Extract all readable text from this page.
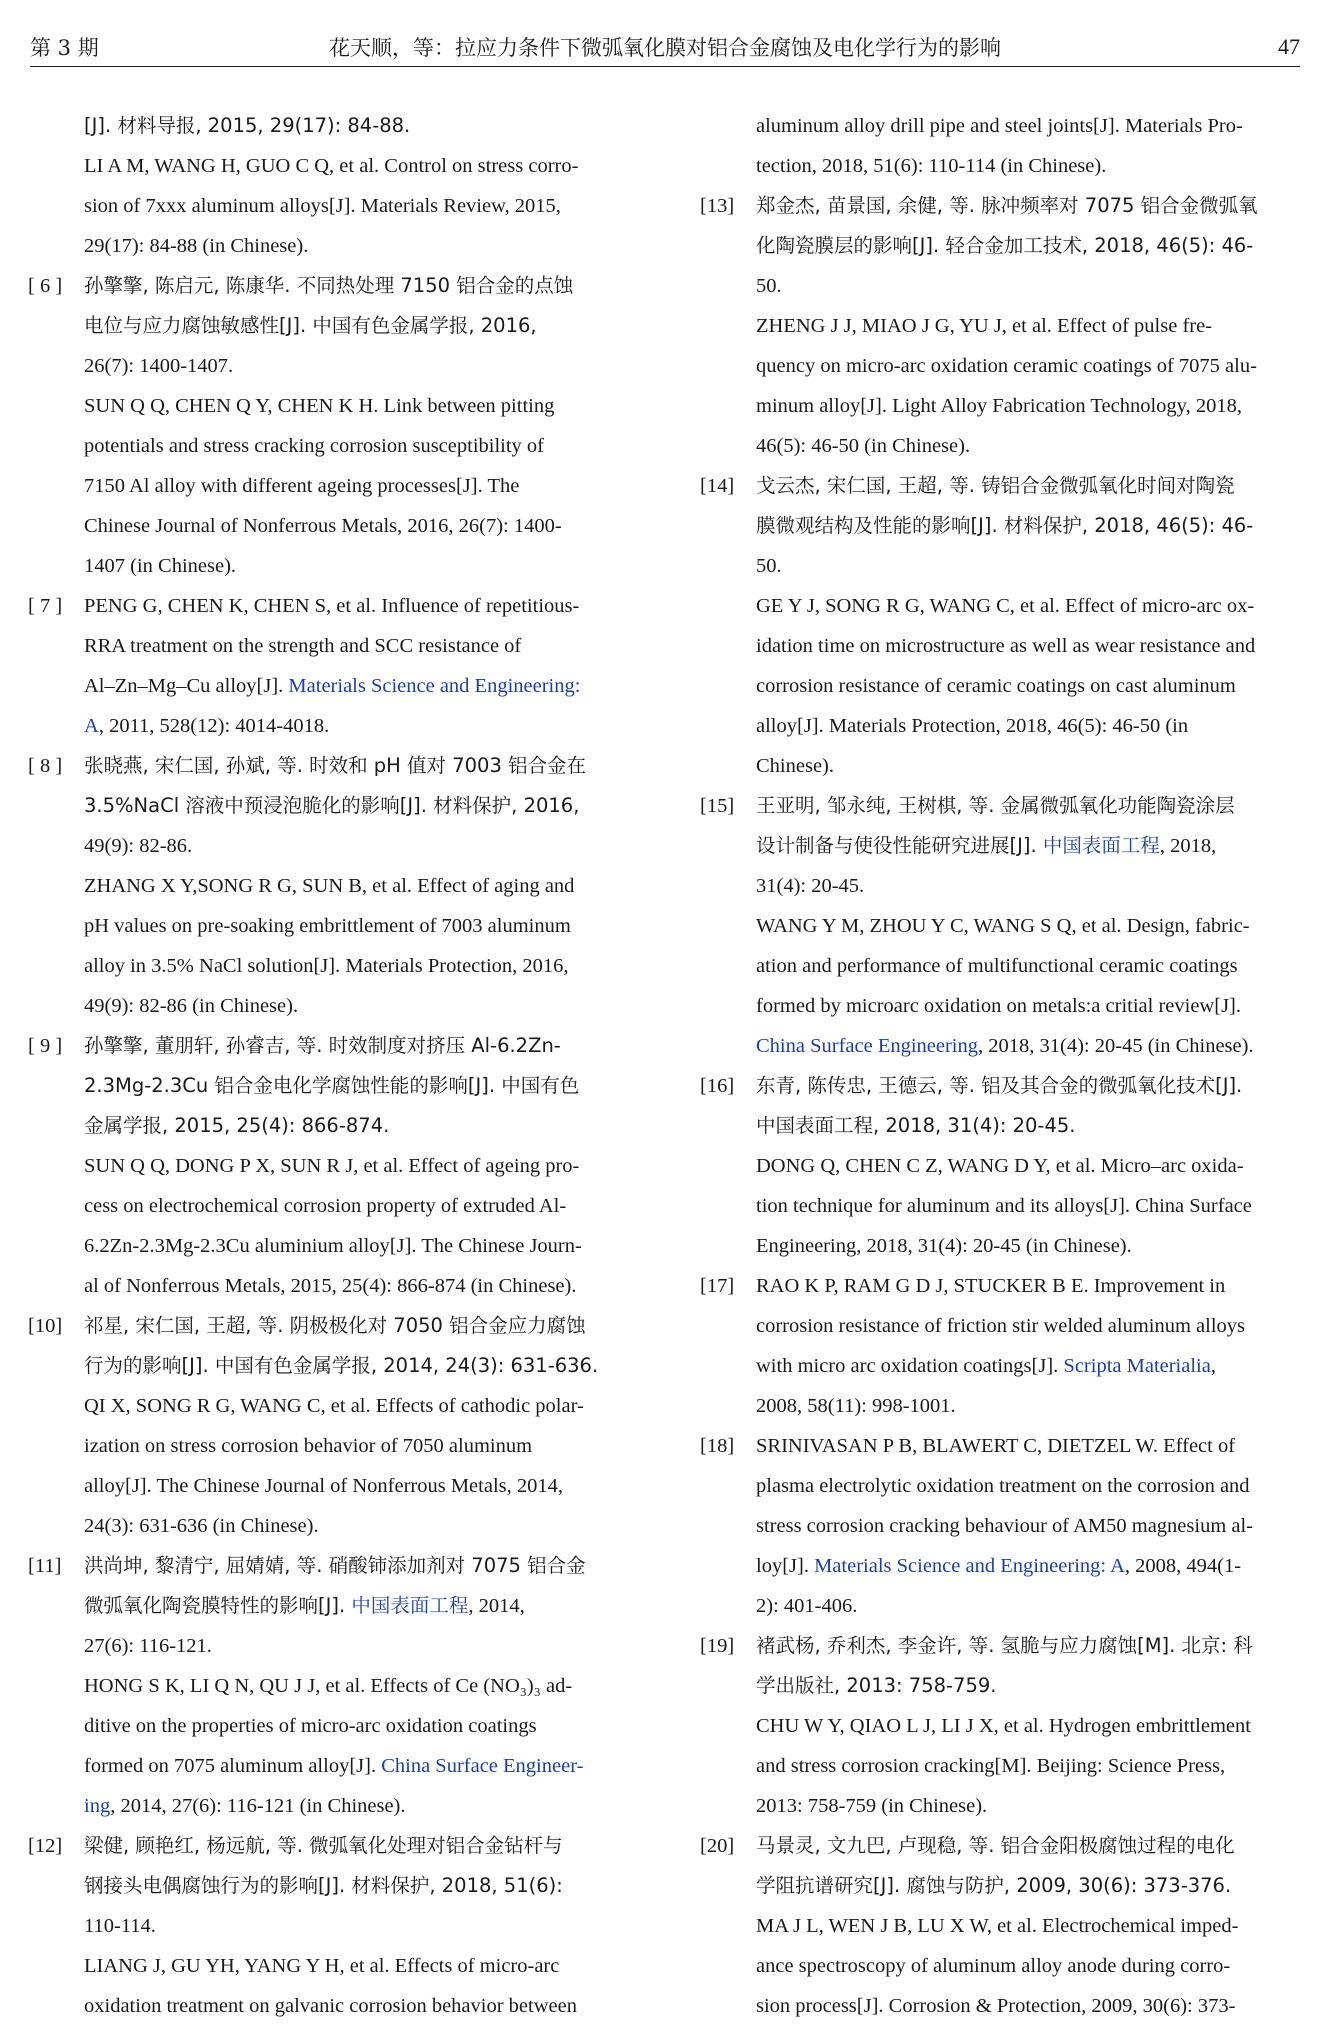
第 3 期	花天顺，等：拉应力条件下微弧氧化膜对铝合金腐蚀及电化学行为的影响	47
[J]. 材料导报, 2015, 29(17): 84-88.
LI A M, WANG H, GUO C Q, et al. Control on stress corro-
sion of 7xxx aluminum alloys[J]. Materials Review, 2015,
29(17): 84-88 (in Chinese).
[ 6 ] 孙擎擎, 陈启元, 陈康华. 不同热处理 7150 铝合金的点蚀
电位与应力腐蚀敏感性[J]. 中国有色金属学报, 2016,
26(7): 1400-1407.
SUN Q Q, CHEN Q Y, CHEN K H. Link between pitting
potentials and stress cracking corrosion susceptibility of
7150 Al alloy with different ageing processes[J]. The
Chinese Journal of Nonferrous Metals, 2016, 26(7): 1400-
1407 (in Chinese).
[ 7 ] PENG G, CHEN K, CHEN S, et al. Influence of repetitious-
RRA treatment on the strength and SCC resistance of
Al–Zn–Mg–Cu alloy[J]. Materials Science and Engineering:
A, 2011, 528(12): 4014-4018.
[ 8 ] 张晓燕, 宋仁国, 孙斌, 等. 时效和 pH 值对 7003 铝合金在
3.5%NaCl 溶液中预浸泡脆化的影响[J]. 材料保护, 2016,
49(9): 82-86.
ZHANG X Y,SONG R G, SUN B, et al. Effect of aging and
pH values on pre-soaking embrittlement of 7003 aluminum
alloy in 3.5% NaCl solution[J]. Materials Protection, 2016,
49(9): 82-86 (in Chinese).
[ 9 ] 孙擎擎, 董朋轩, 孙睿吉, 等. 时效制度对挤压 Al-6.2Zn-
2.3Mg-2.3Cu 铝合金电化学腐蚀性能的影响[J]. 中国有色
金属学报, 2015, 25(4): 866-874.
SUN Q Q, DONG P X, SUN R J, et al. Effect of ageing pro-
cess on electrochemical corrosion property of extruded Al-
6.2Zn-2.3Mg-2.3Cu aluminium alloy[J]. The Chinese Journ-
al of Nonferrous Metals, 2015, 25(4): 866-874 (in Chinese).
[10] 祁星, 宋仁国, 王超, 等. 阴极极化对 7050 铝合金应力腐蚀
行为的影响[J]. 中国有色金属学报, 2014, 24(3): 631-636.
QI X, SONG R G, WANG C, et al. Effects of cathodic polar-
ization on stress corrosion behavior of 7050 aluminum
alloy[J]. The Chinese Journal of Nonferrous Metals, 2014,
24(3): 631-636 (in Chinese).
[11] 洪尚坤, 黎清宁, 屈婧婧, 等. 硝酸铈添加剂对 7075 铝合金
微弧氧化陶瓷膜特性的影响[J]. 中国表面工程, 2014,
27(6): 116-121.
HONG S K, LI Q N, QU J J, et al. Effects of Ce (NO₃)₃ ad-
ditive on the properties of micro-arc oxidation coatings
formed on 7075 aluminum alloy[J]. China Surface Engineer-
ing, 2014, 27(6): 116-121 (in Chinese).
[12] 梁健, 顾艳红, 杨远航, 等. 微弧氧化处理对铝合金钻杆与
钢接头电偶腐蚀行为的影响[J]. 材料保护, 2018, 51(6):
110-114.
LIANG J, GU YH, YANG Y H, et al. Effects of micro-arc
oxidation treatment on galvanic corrosion behavior between
aluminum alloy drill pipe and steel joints[J]. Materials Pro-
tection, 2018, 51(6): 110-114 (in Chinese).
[13] 郑金杰, 苗景国, 余健, 等. 脉冲频率对 7075 铝合金微弧氧
化陶瓷膜层的影响[J]. 轻合金加工技术, 2018, 46(5): 46-
50.
ZHENG J J, MIAO J G, YU J, et al. Effect of pulse fre-
quency on micro-arc oxidation ceramic coatings of 7075 alu-
minum alloy[J]. Light Alloy Fabrication Technology, 2018,
46(5): 46-50 (in Chinese).
[14] 戈云杰, 宋仁国, 王超, 等. 铸铝合金微弧氧化时间对陶瓷
膜微观结构及性能的影响[J]. 材料保护, 2018, 46(5): 46-
50.
GE Y J, SONG R G, WANG C, et al. Effect of micro-arc ox-
idation time on microstructure as well as wear resistance and
corrosion resistance of ceramic coatings on cast aluminum
alloy[J]. Materials Protection, 2018, 46(5): 46-50 (in
Chinese).
[15] 王亚明, 邹永纯, 王树棋, 等. 金属微弧氧化功能陶瓷涂层
设计制备与使役性能研究进展[J]. 中国表面工程, 2018,
31(4): 20-45.
WANG Y M, ZHOU Y C, WANG S Q, et al. Design, fabric-
ation and performance of multifunctional ceramic coatings
formed by microarc oxidation on metals:a critial review[J].
China Surface Engineering, 2018, 31(4): 20-45 (in Chinese).
[16] 东青, 陈传忠, 王德云, 等. 铝及其合金的微弧氧化技术[J].
中国表面工程, 2018, 31(4): 20-45.
DONG Q, CHEN C Z, WANG D Y, et al. Micro–arc oxida-
tion technique for aluminum and its alloys[J]. China Surface
Engineering, 2018, 31(4): 20-45 (in Chinese).
[17] RAO K P, RAM G D J, STUCKER B E. Improvement in
corrosion resistance of friction stir welded aluminum alloys
with micro arc oxidation coatings[J]. Scripta Materialia,
2008, 58(11): 998-1001.
[18] SRINIVASAN P B, BLAWERT C, DIETZEL W. Effect of
plasma electrolytic oxidation treatment on the corrosion and
stress corrosion cracking behaviour of AM50 magnesium al-
loy[J]. Materials Science and Engineering: A, 2008, 494(1-
2): 401-406.
[19] 褚武杨, 乔利杰, 李金许, 等. 氢脆与应力腐蚀[M]. 北京: 科
学出版社, 2013: 758-759.
CHU W Y, QIAO L J, LI J X, et al. Hydrogen embrittlement
and stress corrosion cracking[M]. Beijing: Science Press,
2013: 758-759 (in Chinese).
[20] 马景灵, 文九巴, 卢现稳, 等. 铝合金阳极腐蚀过程的电化
学阻抗谱研究[J]. 腐蚀与防护, 2009, 30(6): 373-376.
MA J L, WEN J B, LU X W, et al. Electrochemical imped-
ance spectroscopy of aluminum alloy anode during corro-
sion process[J]. Corrosion & Protection, 2009, 30(6): 373-
